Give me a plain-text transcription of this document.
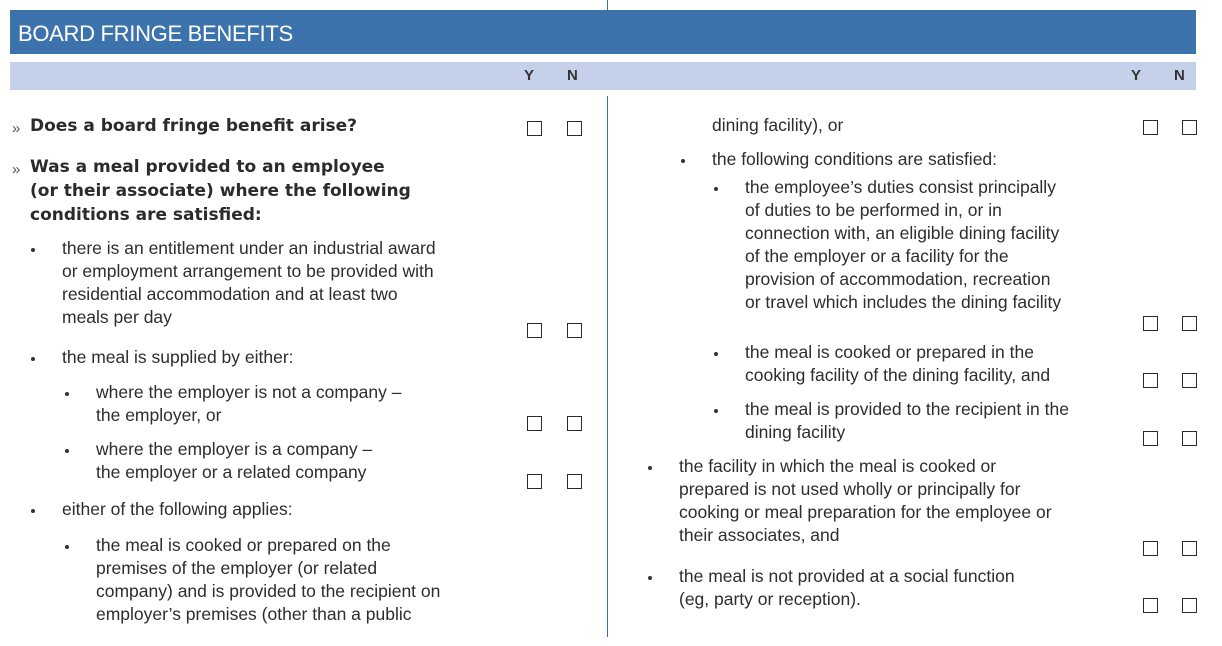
BOARD FRINGE BENEFITS
Y N	Y N
» Does a board fringe benefit arise?
» Was a meal provided to an employee
(or their associate) where the following
conditions are satisfied:
there is an entitlement under an industrial award
or employment arrangement to be provided with
residential accommodation and at least two
meals per day
the meal is supplied by either:
where the employer is not a company –
the employer, or
where the employer is a company –
the employer or a related company
either of the following applies:
the meal is cooked or prepared on the
premises of the employer (or related
company) and is provided to the recipient on
employer’s premises (other than a public
dining facility), or
the following conditions are satisfied:
the employee’s duties consist principally
of duties to be performed in, or in
connection with, an eligible dining facility
of the employer or a facility for the
provision of accommodation, recreation
or travel which includes the dining facility
the meal is cooked or prepared in the
cooking facility of the dining facility, and
the meal is provided to the recipient in the
dining facility
the facility in which the meal is cooked or
prepared is not used wholly or principally for
cooking or meal preparation for the employee or
their associates, and
the meal is not provided at a social function
(eg, party or reception).
